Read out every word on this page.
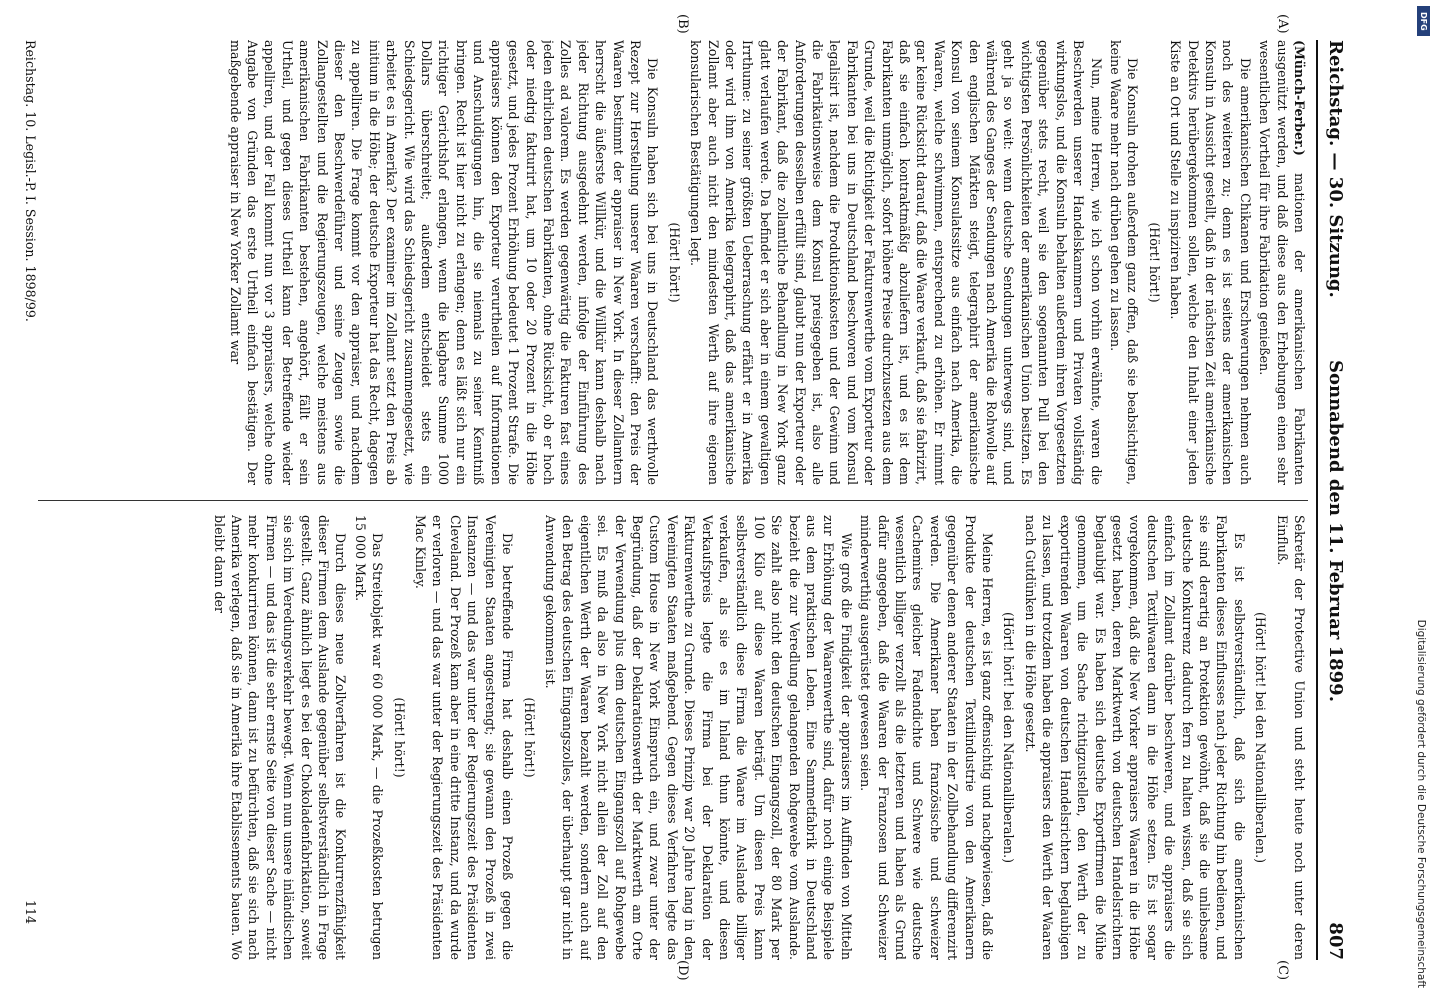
Reichstag. — 30. Sitzung.
Sonnabend den 11. Februar 1899.
807
(A)
(B)
(C)
(D)

(Münch-Ferber.) mationen der amerikanischen Fabrikanten ausgenützt werden, und daß diese aus den Erhebungen einen sehr wesentlichen Vortheil für ihre Fabrikation genießen.

Die amerikanischen Chikanen und Erschwerungen nehmen auch noch des weiteren zu; denn es ist seitens der amerikanischen Konsuln in Aussicht gestellt, daß in der nächsten Zeit amerikanische Detektivs herübergekommen sollen, welche den Inhalt einer jeden Kiste an Ort und Stelle zu inspiziren haben.

(Hört! hört!)

Die Konsuln drohen außerdem ganz offen, daß sie beabsichtigen, keine Waare mehr nach drüben gehen zu lassen.

Nun, meine Herren, wie ich schon vorhin erwähnte, waren die Beschwerden unserer Handelskammern und Privaten vollständig wirkungslos, und die Konsuln behalten außerdem ihren Vorgesetzten gegenüber stets recht, weil sie den sogenannten Pull bei den wichtigsten Persönlichkeiten der amerikanischen Union besitzen. Es geht ja so weit: wenn deutsche Sendungen unterwegs sind, und während des Ganges der Sendungen nach Amerika die Rohwolle auf den englischen Märkten steigt, telegraphirt der amerikanische Konsul von seinem Konsulatssitze aus einfach nach Amerika, die Waaren, welche schwimmen, entsprechend zu erhöhen. Er nimmt gar keine Rücksicht darauf, daß die Waare verkauft, daß sie fabrizirt, daß sie einfach kontraktmäßig abzuliefern ist, und es ist dem Fabrikanten unmöglich, sofort höhere Preise durchzusetzen aus dem Grunde, weil die Richtigkeit der Fakturenwerthe vom Exporteur oder Fabrikanten bei uns in Deutschland beschworen und vom Konsul legalisirt ist, nachdem die Produktionskosten und der Gewinn und die Fabrikationsweise dem Konsul preisgegeben ist, also alle Anforderungen desselben erfüllt sind, glaubt nun der Exporteur oder der Fabrikant, daß die zollamtliche Behandlung in New York ganz glatt verlaufen werde. Da befindet er sich aber in einem gewaltigen Irrthume: zu seiner größten Ueberraschung erfährt er in Amerika oder wird ihm von Amerika telegraphirt, daß das amerikanische Zollamt aber auch nicht den mindesten Werth auf ihre eigenen konsularischen Bestätigungen legt.

(Hört! hört!)

Die Konsuln haben sich bei uns in Deutschland das werthvolle Rezept zur Herstellung unserer Waaren verschafft: den Preis der Waaren bestimmt der appraiser in New York. In dieser Zollamtern herrscht die äußerste Willkür, und die Willkür kann deshalb nach jeder Richtung ausgedehnt werden, infolge der Einführung des Zolles ad valorem. Es werden gegenwärtig die Fakturen fast eines jeden ehrlichen deutschen Fabrikanten, ohne Rücksicht, ob er hoch oder niedrig fakturirt hat, um 10 oder 20 Prozent in die Höhe gesetzt, und jedes Prozent Erhöhung bedeutet 1 Prozent Strafe. Die appraisers können den Exporteur verurtheilen auf Informationen und Anschuldigungen hin, die sie niemals zu seiner Kenntniß bringen. Recht ist hier nicht zu erlangen; denn es läßt sich nur ein richtiger Gerichtshof erlangen, wenn die klagbare Summe 1000 Dollars überschreitet; außerdem entscheidet stets ein Schiedsgericht. Wie wird das Schiedsgericht zusammengesetzt, wie arbeitet es in Amerika? Der examiner im Zollamt setzt den Preis ab initium in die Höhe; der deutsche Exporteur hat das Recht, dagegen zu appelliren. Die Frage kommt vor den appraiser, und nachdem dieser den Beschwerdeführer und seine Zeugen sowie die Zollangestellten und die Regierungszeugen, welche meistens aus amerikanischen Fabrikanten bestehen, angehört, fällt er sein Urtheil, und gegen dieses Urtheil kann der Betreffende wieder appelliren, und der Fall kommt nun vor 3 appraisers, welche ohne Angabe von Gründen das erste Urtheil einfach bestätigen. Der maßgebende appraiser in New Yorker Zollamt war

Sekretär der Protective Union und steht heute noch unter deren Einfluß.

(Hört! hört! bei den Nationalliberalen.)

Es ist selbstverständlich, daß sich die amerikanischen Fabrikanten dieses Einflusses nach jeder Richtung hin bedienen, und sie sind derartig an Protektion gewöhnt, daß sie die unliebsame deutsche Konkurrenz dadurch fern zu halten wissen, daß sie sich einfach im Zollamt darüber beschweren, und die appraisers die deutschen Textilwaaren dann in die Höhe setzen. Es ist sogar vorgekommen, daß die New Yorker appraisers Waaren in die Höhe gesetzt haben, deren Marktwerth von deutschen Handelsrichtern beglaubigt war. Es haben sich deutsche Exportfirmen die Mühe genommen, um die Sache richtigzustellen, den Werth der zu exportirenden Waaren von deutschen Handelsrichtern beglaubigen zu lassen, und trotzdem haben die appraisers den Werth der Waaren nach Gutdünken in die Höhe gesetzt.

(Hört! hört! bei den Nationalliberalen.)

Meine Herren, es ist ganz offensichtig und nachgewiesen, daß die Produkte der deutschen Textilindustrie von den Amerikanern gegenüber denen anderer Staaten in der Zollbehandlung differenzirt werden. Die Amerikaner haben französische und schweizer Cachemires gleicher Fadendichte und Schwere wie deutsche wesentlich billiger verzollt als die letzteren und haben als Grund dafür angegeben, daß die Waaren der Franzosen und Schweizer minderwerthig ausgerüstet gewesen seien.

Wie groß die Findigkeit der appraisers im Auffinden von Mitteln zur Erhöhung der Waarenwerthe sind, dafür noch einige Beispiele aus dem praktischen Leben. Eine Sammetfabrik in Deutschland bezieht die zur Veredlung gelangenden Rohgewebe vom Auslande. Sie zahlt also nicht den deutschen Eingangszoll, der 80 Mark per 100 Kilo auf diese Waaren beträgt. Um diesen Preis kann selbstverständlich diese Firma die Waare im Auslande billiger verkaufen, als sie es im Inland thun könnte, und diesen Verkaufspreis legte die Firma bei der Deklaration der Fakturenwerthe zu Grunde. Dieses Prinzip war 20 Jahre lang in den Vereinigten Staaten maßgebend. Gegen dieses Verfahren legte das Custom House in New York Einspruch ein, und zwar unter der Begründung, daß der Deklarationswerth der Marktwerth am Orte der Verwendung plus dem deutschen Eingangszoll auf Rohgewebe sei. Es muß da also in New York nicht allein der Zoll auf den eigentlichen Werth der Waaren bezahlt werden, sondern auch auf den Betrag des deutschen Eingangszolles, der überhaupt gar nicht in Anwendung gekommen ist.

(Hört! hört!)

Die betreffende Firma hat deshalb einen Prozeß gegen die Vereinigten Staaten angestrengt; sie gewann den Prozeß in zwei Instanzen — und das war unter der Regierungszeit des Präsidenten Cleveland. Der Prozeß kam aber in eine dritte Instanz, und da wurde er verloren — und das war unter der Regierungszeit des Präsidenten Mac Kinley.

(Hört! hört!)

Das Streitobjekt war 60 000 Mark, — die Prozeßkosten betrugen 15 000 Mark.

Durch dieses neue Zollverfahren ist die Konkurrenzfähigkeit dieser Firmen dem Auslande gegenüber selbstverständlich in Frage gestellt. Ganz ähnlich liegt es bei der Chokoladenfabrikation, soweit sie sich im Veredungsverkehr bewegt. Wenn nun unsere inländischen Firmen — und das ist die sehr ernste Seite von dieser Sache — nicht mehr konkurriren können, dann ist zu befürchten, daß sie sich nach Amerika verlegen, daß sie in Amerika ihre Etablissements bauen. Wo bleibt dann der

Reichstag. 10. Legisl.-P. I. Session. 1898/99.
114
DFG
Digitalisierung gefördert durch die Deutsche Forschungsgemeinschaft
